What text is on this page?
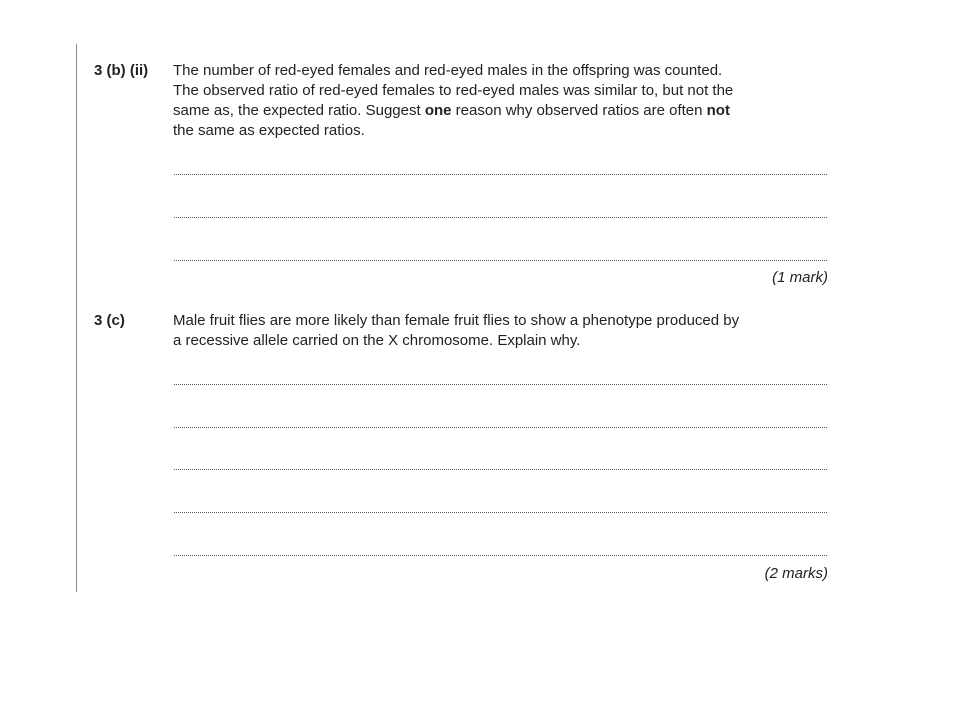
3 (b) (ii) The number of red-eyed females and red-eyed males in the offspring was counted.
The observed ratio of red-eyed females to red-eyed males was similar to, but not the
same as, the expected ratio. Suggest one reason why observed ratios are often not
the same as expected ratios.
(1 mark)
3 (c)	Male fruit flies are more likely than female fruit flies to show a phenotype produced by
a recessive allele carried on the X chromosome. Explain why.
(2 marks)
